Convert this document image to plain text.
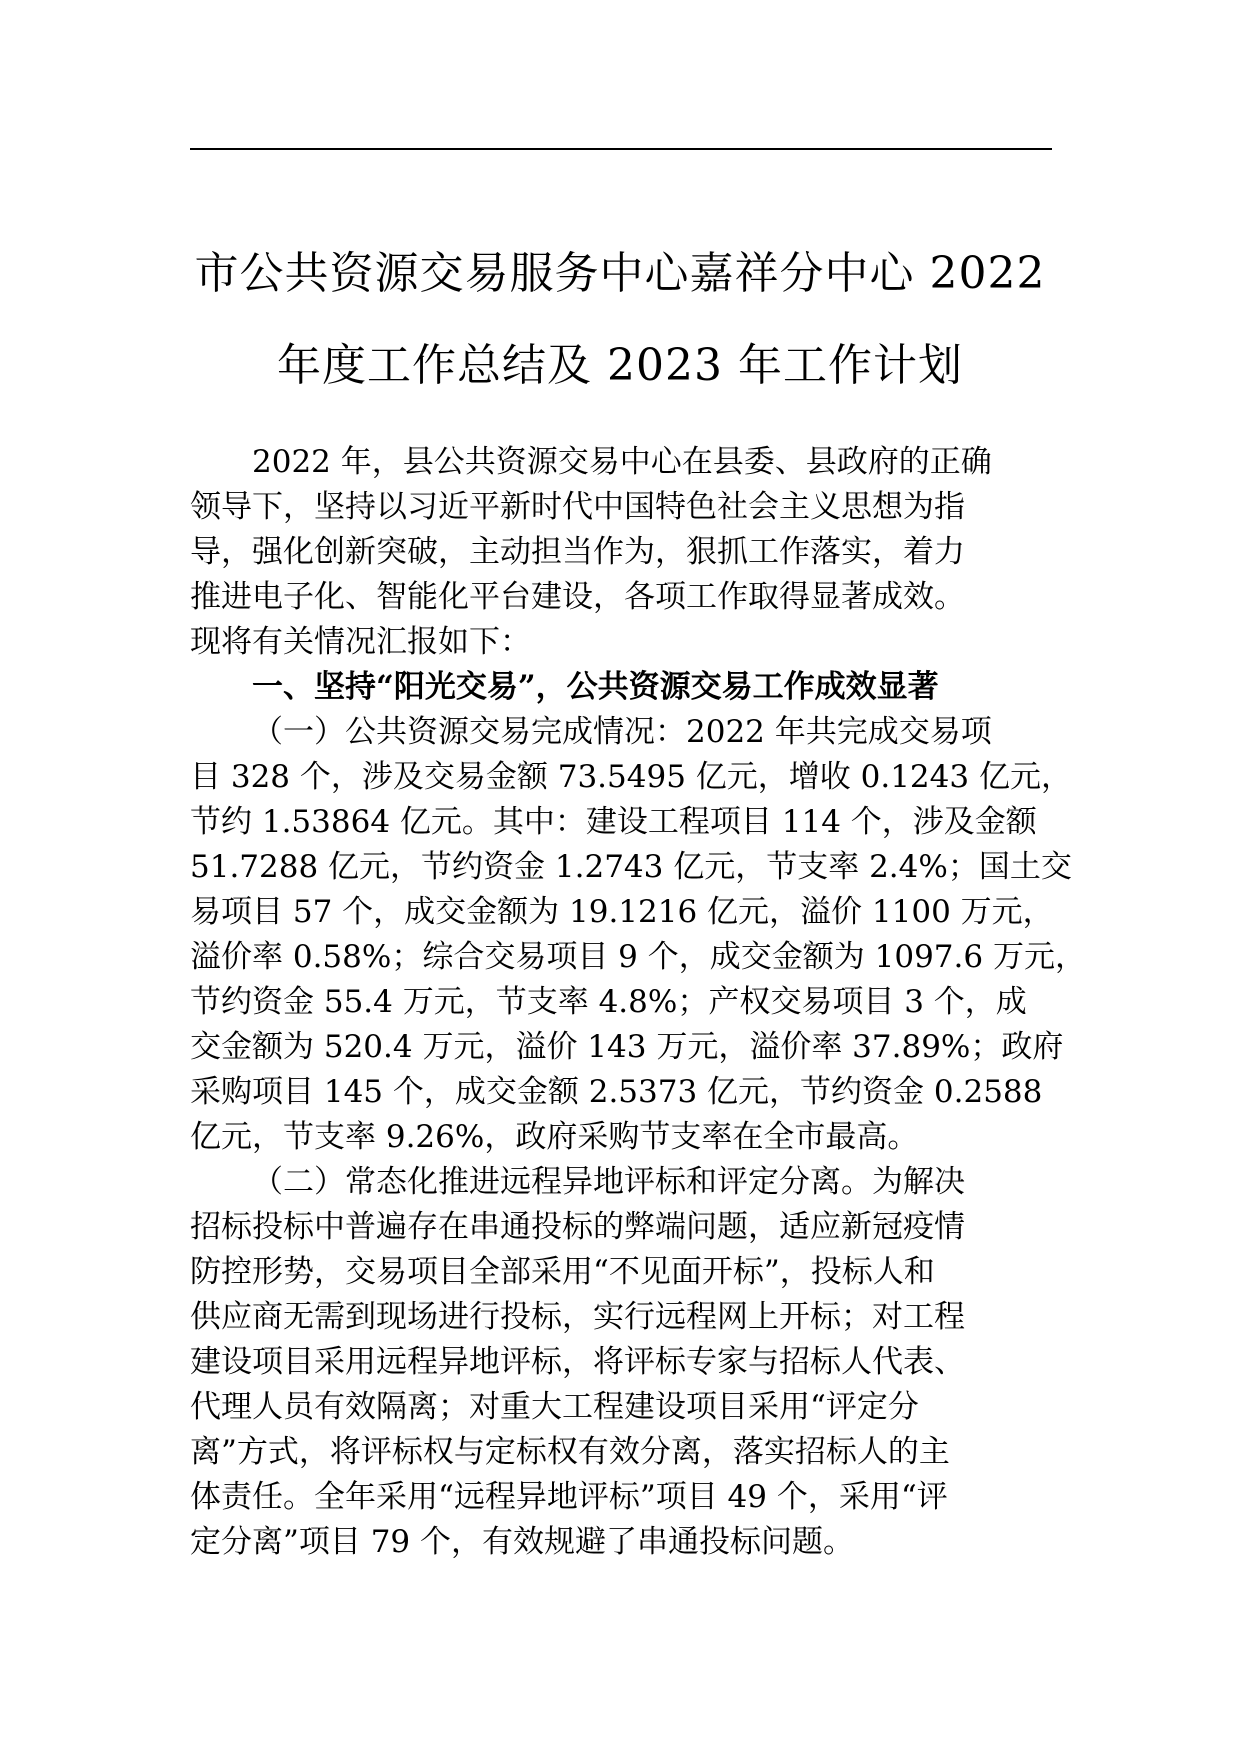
市公共资源交易服务中心嘉祥分中心 2022
年度工作总结及 2023 年工作计划

2022 年，县公共资源交易中心在县委、县政府的正确
领导下，坚持以习近平新时代中国特色社会主义思想为指
导，强化创新突破，主动担当作为，狠抓工作落实，着力
推进电子化、智能化平台建设，各项工作取得显著成效。
现将有关情况汇报如下：

一、坚持“阳光交易”，公共资源交易工作成效显著

（一）公共资源交易完成情况：2022 年共完成交易项
目 328 个，涉及交易金额 73.5495 亿元，增收 0.1243 亿元，
节约 1.53864 亿元。其中：建设工程项目 114 个，涉及金额
51.7288 亿元，节约资金 1.2743 亿元，节支率 2.4%；国土交
易项目 57 个，成交金额为 19.1216 亿元，溢价 1100 万元，
溢价率 0.58%；综合交易项目 9 个，成交金额为 1097.6 万元，
节约资金 55.4 万元，节支率 4.8%；产权交易项目 3 个，成
交金额为 520.4 万元，溢价 143 万元，溢价率 37.89%；政府
采购项目 145 个，成交金额 2.5373 亿元，节约资金 0.2588
亿元，节支率 9.26%，政府采购节支率在全市最高。

（二）常态化推进远程异地评标和评定分离。为解决
招标投标中普遍存在串通投标的弊端问题，适应新冠疫情
防控形势，交易项目全部采用“不见面开标”，投标人和
供应商无需到现场进行投标，实行远程网上开标；对工程
建设项目采用远程异地评标，将评标专家与招标人代表、
代理人员有效隔离；对重大工程建设项目采用“评定分
离”方式，将评标权与定标权有效分离，落实招标人的主
体责任。全年采用“远程异地评标”项目 49 个，采用“评
定分离”项目 79 个，有效规避了串通投标问题。
